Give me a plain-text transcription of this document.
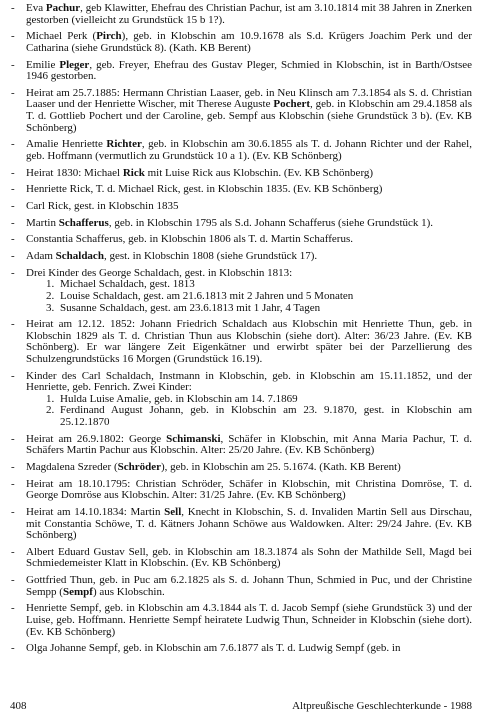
- Eva Pachur, geb Klawitter, Ehefrau des Christian Pachur, ist am 3.10.1814 mit 38 Jahren in Znerken gestorben (vielleicht zu Grundstück 15 b 1?).
- Michael Perk (Pirch), geb. in Klobschin am 10.9.1678 als S.d. Krügers Joachim Perk und der Catharina (siehe Grundstück 8). (Kath. KB Berent)
- Emilie Pleger, geb. Freyer, Ehefrau des Gustav Pleger, Schmied in Klobschin, ist in Barth/Ostsee 1946 gestorben.
- Heirat am 25.7.1885: Hermann Christian Laaser, geb. in Neu Klinsch am 7.3.1854 als S. d. Christian Laaser und der Henriette Wischer, mit Therese Auguste Pochert, geb. in Klobschin am 29.4.1858 als T. d. Gottlieb Pochert und der Caroline, geb. Sempf aus Klobschin (siehe Grundstück 3 b). (Ev. KB Schönberg)
- Amalie Henriette Richter, geb. in Klobschin am 30.6.1855 als T. d. Johann Richter und der Rahel, geb. Hoffmann (vermutlich zu Grundstück 10 a 1). (Ev. KB Schönberg)
- Heirat 1830: Michael Rick mit Luise Rick aus Klobschin. (Ev. KB Schönberg)
- Henriette Rick, T. d. Michael Rick, gest. in Klobschin 1835. (Ev. KB Schönberg)
- Carl Rick, gest. in Klobschin 1835
- Martin Schafferus, geb. in Klobschin 1795 als S.d. Johann Schafferus (siehe Grundstück 1).
- Constantia Schafferus, geb. in Klobschin 1806 als T. d. Martin Schafferus.
- Adam Schaldach, gest. in Klobschin 1808 (siehe Grundstück 17).
- Drei Kinder des George Schaldach, gest. in Klobschin 1813:
1. Michael Schaldach, gest. 1813
2. Louise Schaldach, gest. am 21.6.1813 mit 2 Jahren und 5 Monaten
3. Susanne Schaldach, gest. am 23.6.1813 mit 1 Jahr, 4 Tagen
- Heirat am 12.12. 1852: Johann Friedrich Schaldach aus Klobschin mit Henriette Thun, geb. in Klobschin 1829 als T. d. Christian Thun aus Klobschin (siehe dort). Alter: 36/23 Jahre. (Ev. KB Schönberg). Er war längere Zeit Eigenkätner und erwirbt später bei der Parzellierung des Schulzengrundstücks 16 Morgen (Grundstück 16.19).
- Kinder des Carl Schaldach, Instmann in Klobschin, geb. in Klobschin am 15.11.1852, und der Henriette, geb. Fenrich. Zwei Kinder:
1. Hulda Luise Amalie, geb. in Klobschin am 14. 7.1869
2. Ferdinand August Johann, geb. in Klobschin am 23. 9.1870, gest. in Klobschin am 25.12.1870
- Heirat am 26.9.1802: George Schimanski, Schäfer in Klobschin, mit Anna Maria Pachur, T. d. Schäfers Martin Pachur aus Klobschin. Alter: 25/20 Jahre. (Ev. KB Schönberg)
- Magdalena Szreder (Schröder), geb. in Klobschin am 25. 5.1674. (Kath. KB Berent)
- Heirat am 18.10.1795: Christian Schröder, Schäfer in Klobschin, mit Christina Domröse, T. d. George Domröse aus Klobschin. Alter: 31/25 Jahre. (Ev. KB Schönberg)
- Heirat am 14.10.1834: Martin Sell, Knecht in Klobschin, S. d. Invaliden Martin Sell aus Dirschau, mit Constantia Schöwe, T. d. Kätners Johann Schöwe aus Waldowken. Alter: 29/24 Jahre. (Ev. KB Schönberg)
- Albert Eduard Gustav Sell, geb. in Klobschin am 18.3.1874 als Sohn der Mathilde Sell, Magd bei Schmiedemeister Klatt in Klobschin. (Ev. KB Schönberg)
- Gottfried Thun, geb. in Puc am 6.2.1825 als S. d. Johann Thun, Schmied in Puc, und der Christine Sempp (Sempf) aus Klobschin.
- Henriette Sempf, geb. in Klobschin am 4.3.1844 als T. d. Jacob Sempf (siehe Grundstück 3) und der Luise, geb. Hoffmann. Henriette Sempf heiratete Ludwig Thun, Schneider in Klobschin (siehe dort). (Ev. KB Schönberg)
- Olga Johanne Sempf, geb. in Klobschin am 7.6.1877 als T. d. Ludwig Sempf (geb. in
408	Altpreußische Geschlechterkunde - 1988
